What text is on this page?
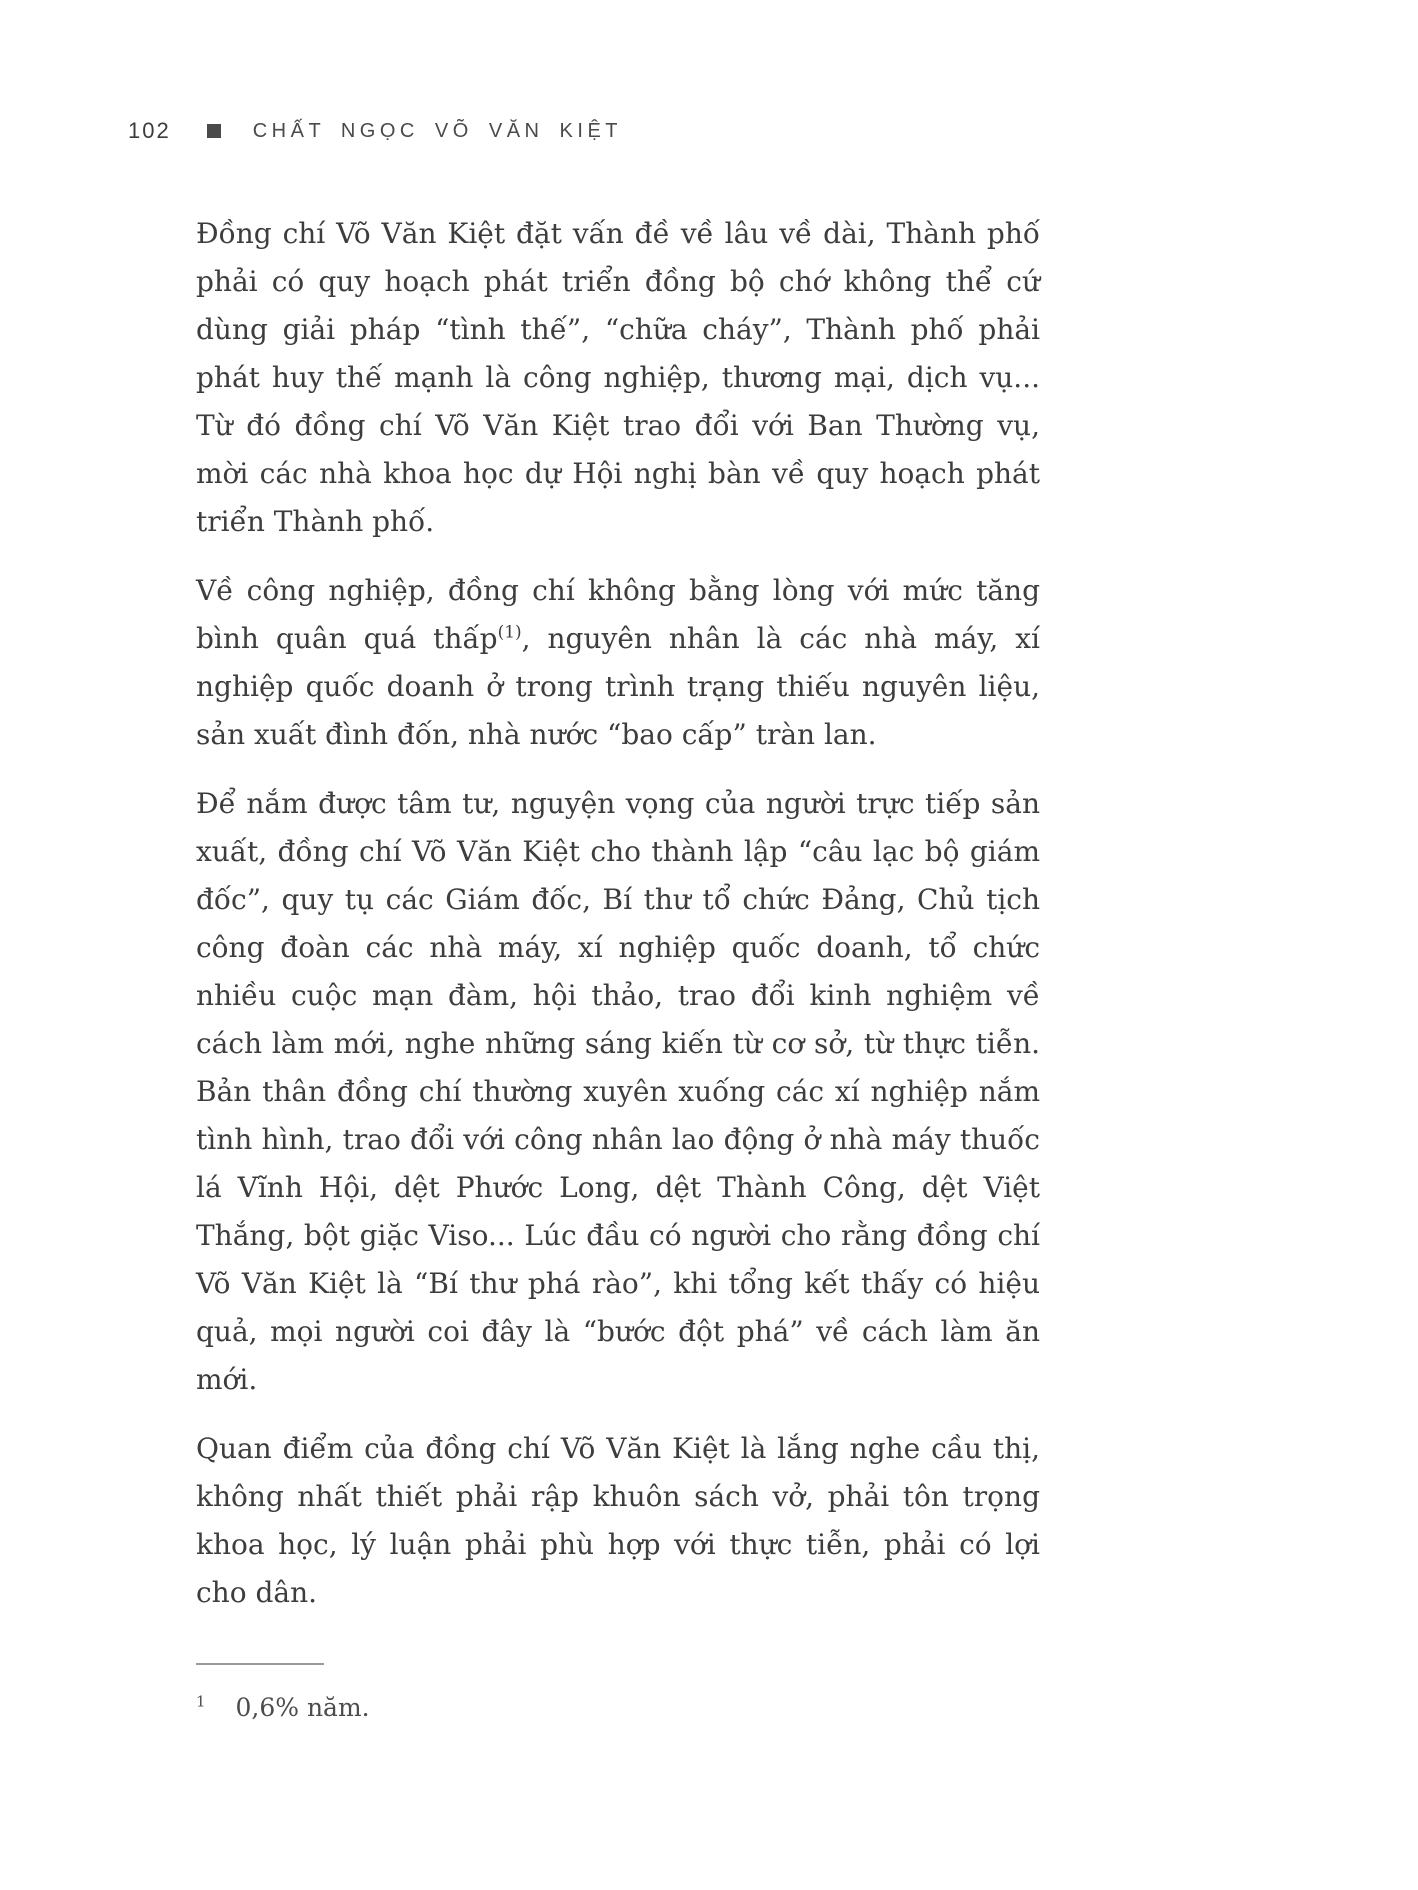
102	CHẤT NGỌC VÕ VĂN KIỆT

Đồng chí Võ Văn Kiệt đặt vấn đề về lâu về dài, Thành phố phải có quy hoạch phát triển đồng bộ chớ không thể cứ dùng giải pháp “tình thế”, “chữa cháy”, Thành phố phải phát huy thế mạnh là công nghiệp, thương mại, dịch vụ... Từ đó đồng chí Võ Văn Kiệt trao đổi với Ban Thường vụ, mời các nhà khoa học dự Hội nghị bàn về quy hoạch phát triển Thành phố.

Về công nghiệp, đồng chí không bằng lòng với mức tăng bình quân quá thấp$^{(1)}$, nguyên nhân là các nhà máy, xí nghiệp quốc doanh ở trong trình trạng thiếu nguyên liệu, sản xuất đình đốn, nhà nước “bao cấp” tràn lan.

Để nắm được tâm tư, nguyện vọng của người trực tiếp sản xuất, đồng chí Võ Văn Kiệt cho thành lập “câu lạc bộ giám đốc”, quy tụ các Giám đốc, Bí thư tổ chức Đảng, Chủ tịch công đoàn các nhà máy, xí nghiệp quốc doanh, tổ chức nhiều cuộc mạn đàm, hội thảo, trao đổi kinh nghiệm về cách làm mới, nghe những sáng kiến từ cơ sở, từ thực tiễn. Bản thân đồng chí thường xuyên xuống các xí nghiệp nắm tình hình, trao đổi với công nhân lao động ở nhà máy thuốc lá Vĩnh Hội, dệt Phước Long, dệt Thành Công, dệt Việt Thắng, bột giặc Viso... Lúc đầu có người cho rằng đồng chí Võ Văn Kiệt là “Bí thư phá rào”, khi tổng kết thấy có hiệu quả, mọi người coi đây là “bước đột phá” về cách làm ăn mới.

Quan điểm của đồng chí Võ Văn Kiệt là lắng nghe cầu thị, không nhất thiết phải rập khuôn sách vở, phải tôn trọng khoa học, lý luận phải phù hợp với thực tiễn, phải có lợi cho dân.

$^1$ 0,6% năm.
